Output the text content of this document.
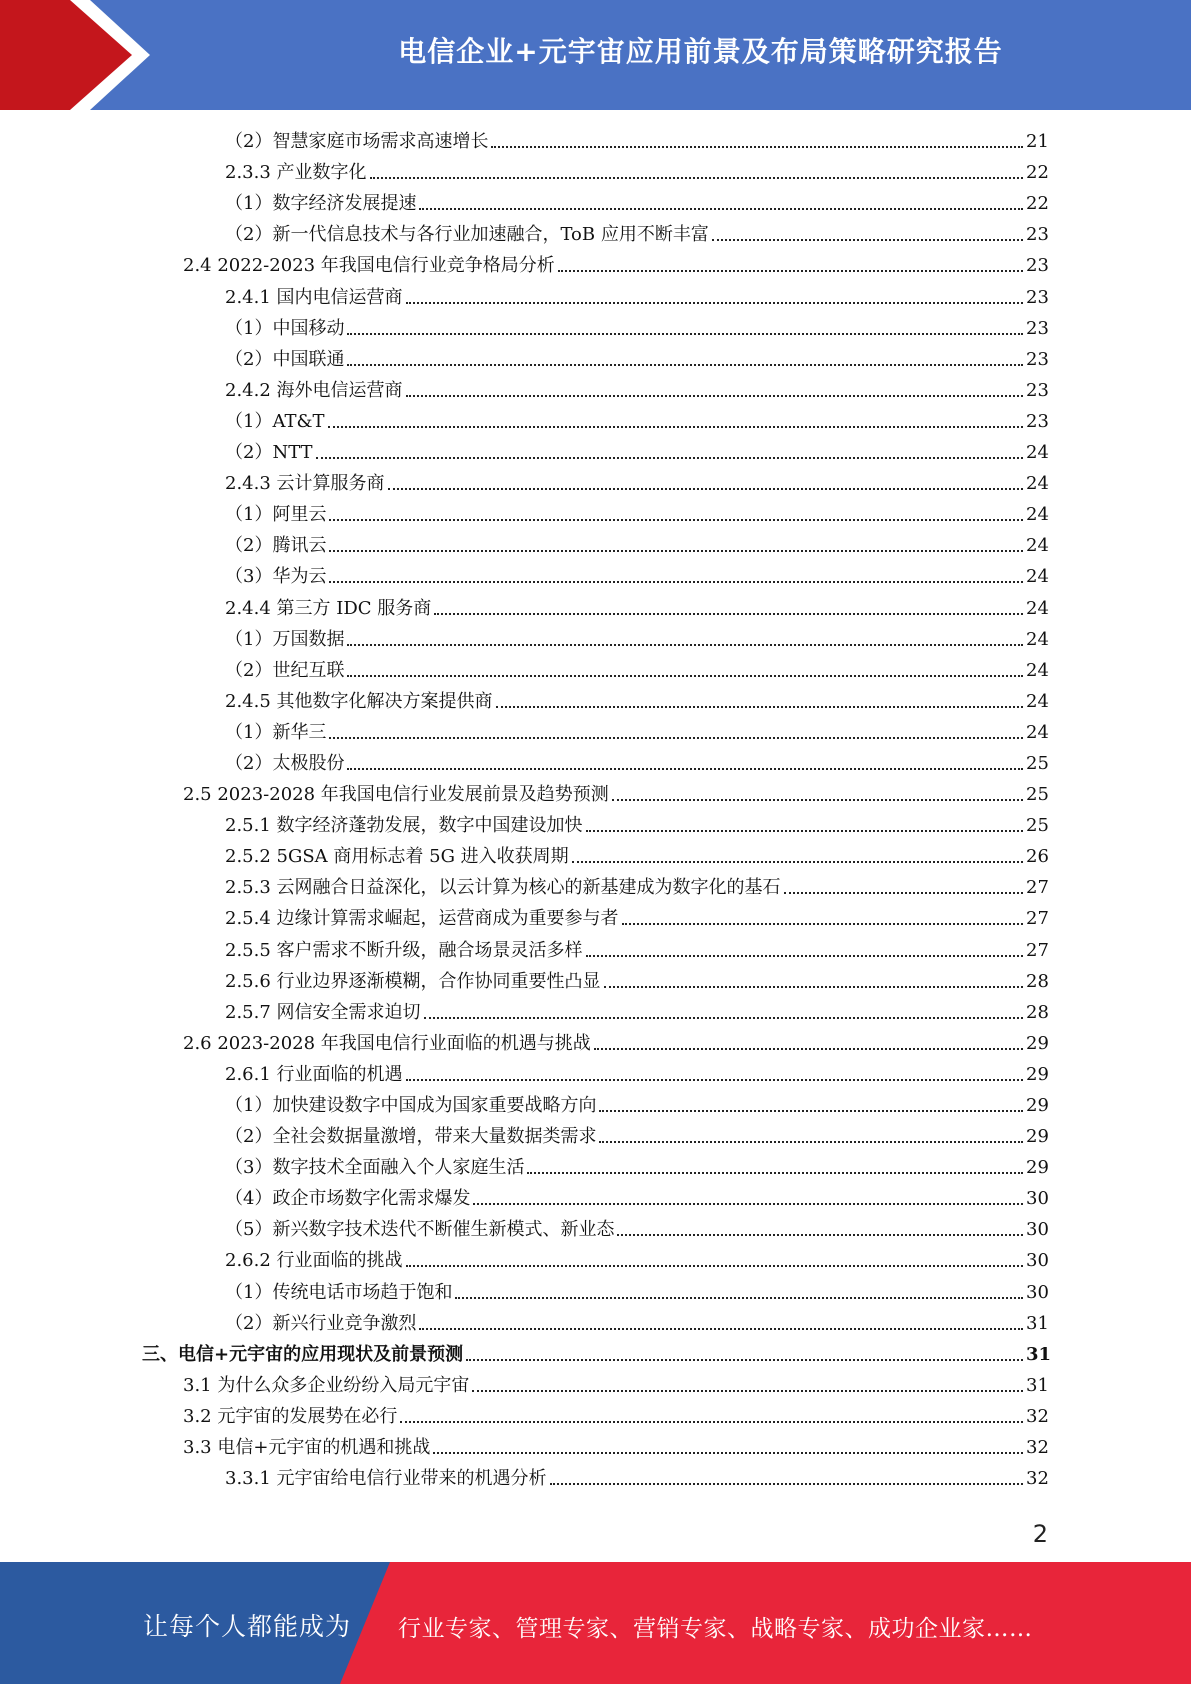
电信企业+元宇宙应用前景及布局策略研究报告
（2）智慧家庭市场需求高速增长	21
2.3.3 产业数字化	22
（1）数字经济发展提速	22
（2）新一代信息技术与各行业加速融合，ToB 应用不断丰富	23
2.4 2022-2023 年我国电信行业竞争格局分析	23
2.4.1 国内电信运营商	23
（1）中国移动	23
（2）中国联通	23
2.4.2 海外电信运营商	23
（1）AT&T	23
（2）NTT	24
2.4.3 云计算服务商	24
（1）阿里云	24
（2）腾讯云	24
（3）华为云	24
2.4.4 第三方 IDC 服务商	24
（1）万国数据	24
（2）世纪互联	24
2.4.5 其他数字化解决方案提供商	24
（1）新华三	24
（2）太极股份	25
2.5 2023-2028 年我国电信行业发展前景及趋势预测	25
2.5.1 数字经济蓬勃发展，数字中国建设加快	25
2.5.2 5GSA 商用标志着 5G 进入收获周期	26
2.5.3 云网融合日益深化，以云计算为核心的新基建成为数字化的基石	27
2.5.4 边缘计算需求崛起，运营商成为重要参与者	27
2.5.5 客户需求不断升级，融合场景灵活多样	27
2.5.6 行业边界逐渐模糊，合作协同重要性凸显	28
2.5.7 网信安全需求迫切	28
2.6 2023-2028 年我国电信行业面临的机遇与挑战	29
2.6.1 行业面临的机遇	29
（1）加快建设数字中国成为国家重要战略方向	29
（2）全社会数据量激增，带来大量数据类需求	29
（3）数字技术全面融入个人家庭生活	29
（4）政企市场数字化需求爆发	30
（5）新兴数字技术迭代不断催生新模式、新业态	30
2.6.2 行业面临的挑战	30
（1）传统电话市场趋于饱和	30
（2）新兴行业竞争激烈	31
三、电信+元宇宙的应用现状及前景预测	31
3.1 为什么众多企业纷纷入局元宇宙	31
3.2 元宇宙的发展势在必行	32
3.3 电信+元宇宙的机遇和挑战	32
3.3.1 元宇宙给电信行业带来的机遇分析	32
2
让每个人都能成为 行业专家、管理专家、营销专家、战略专家、成功企业家……
